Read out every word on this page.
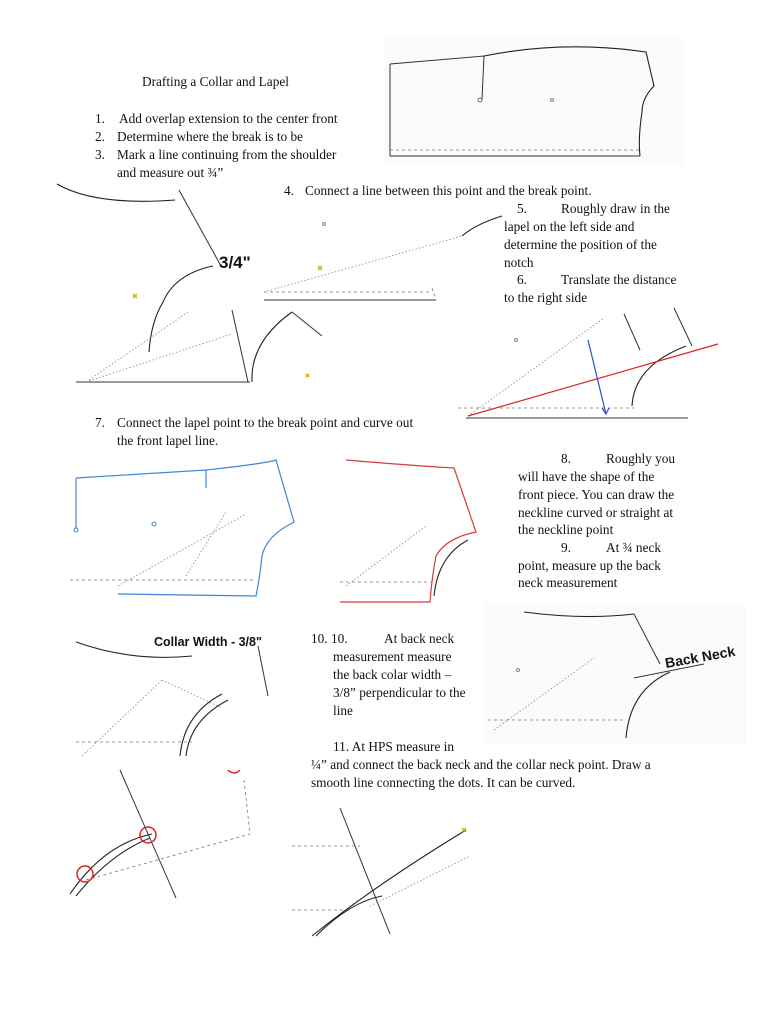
Drafting a Collar and Lapel
1. Add overlap extension to the center front
2. Determine where the break is to be
3. Mark a line continuing from the shoulder
and measure out ¾”
4. Connect a line between this point and the break point.
5.	Roughly draw in the
lapel on the left side and
determine the position of the
notch
6.	Translate the distance
to the right side
7. Connect the lapel point to the break point and curve out
the front lapel line.
8.	Roughly you
will have the shape of the
front piece. You can draw the
neckline curved or straight at
the neckline point
9.	At ¾ neck
point, measure up the back
neck measurement
10. 10.	At back neck
measurement measure
the back colar width –
3/8” perpendicular to the
line
11. At HPS measure in
¼” and connect the back neck and the collar neck point. Draw a
smooth line connecting the dots. It can be curved.
3/4"
Collar Width - 3/8"
Back Neck
